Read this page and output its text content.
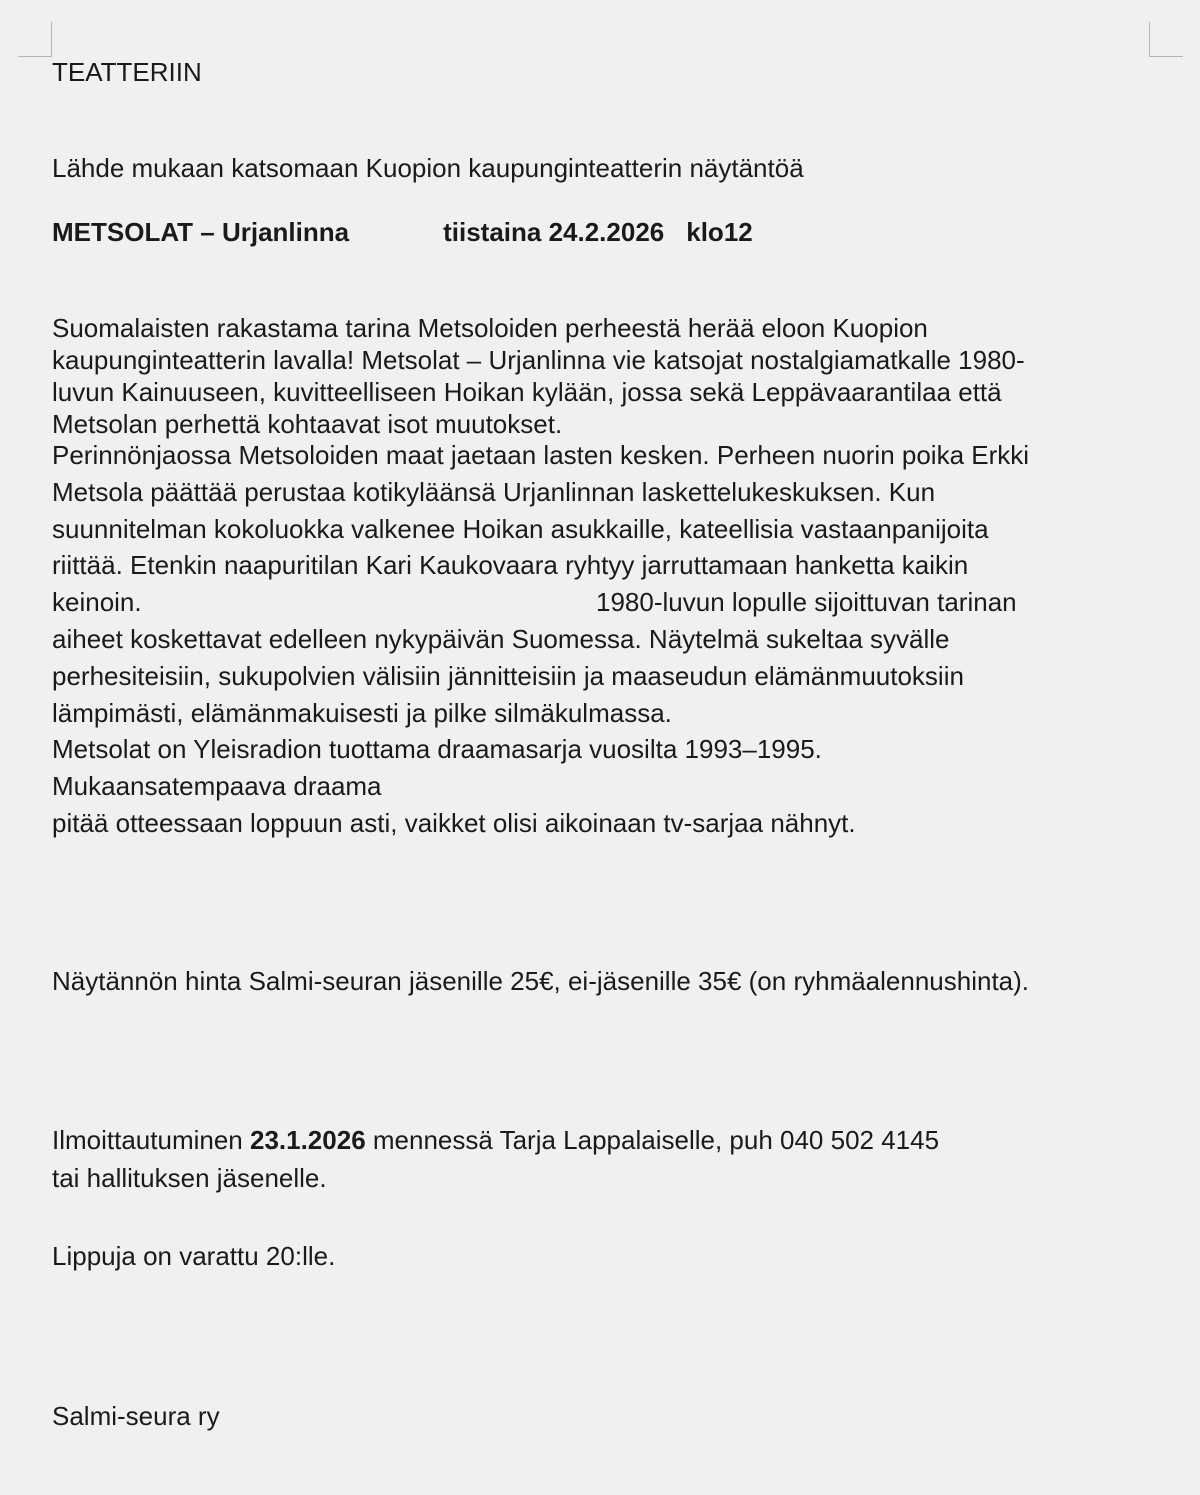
TEATTERIIN

Lähde mukaan katsomaan Kuopion kaupunginteatterin näytäntöä

METSOLAT – Urjanlinna	tiistaina 24.2.2026 klo12

Suomalaisten rakastama tarina Metsoloiden perheestä herää eloon Kuopion
kaupunginteatterin lavalla! Metsolat – Urjanlinna vie katsojat nostalgiamatkalle 1980-
luvun Kainuuseen, kuvitteelliseen Hoikan kylään, jossa sekä Leppävaarantilaa että
Metsolan perhettä kohtaavat isot muutokset.
Perinnönjaossa Metsoloiden maat jaetaan lasten kesken. Perheen nuorin poika Erkki
Metsola päättää perustaa kotikyläänsä Urjanlinnan laskettelukeskuksen. Kun
suunnitelman kokoluokka valkenee Hoikan asukkaille, kateellisia vastaanpanijoita
riittää. Etenkin naapuritilan Kari Kaukovaara ryhtyy jarruttamaan hanketta kaikin
keinoin.	1980-luvun lopulle sijoittuvan tarinan
aiheet koskettavat edelleen nykypäivän Suomessa. Näytelmä sukeltaa syvälle
perhesiteisiin, sukupolvien välisiin jännitteisiin ja maaseudun elämänmuutoksiin
lämpimästi, elämänmakuisesti ja pilke silmäkulmassa.
Metsolat on Yleisradion tuottama draamasarja vuosilta 1993–1995.
Mukaansatempaava draama
pitää otteessaan loppuun asti, vaikket olisi aikoinaan tv-sarjaa nähnyt.

Näytännön hinta Salmi-seuran jäsenille 25€, ei-jäsenille 35€ (on ryhmäalennushinta).

Ilmoittautuminen 23.1.2026 mennessä Tarja Lappalaiselle, puh 040 502 4145

tai hallituksen jäsenelle.

Lippuja on varattu 20:lle.

Salmi-seura ry
